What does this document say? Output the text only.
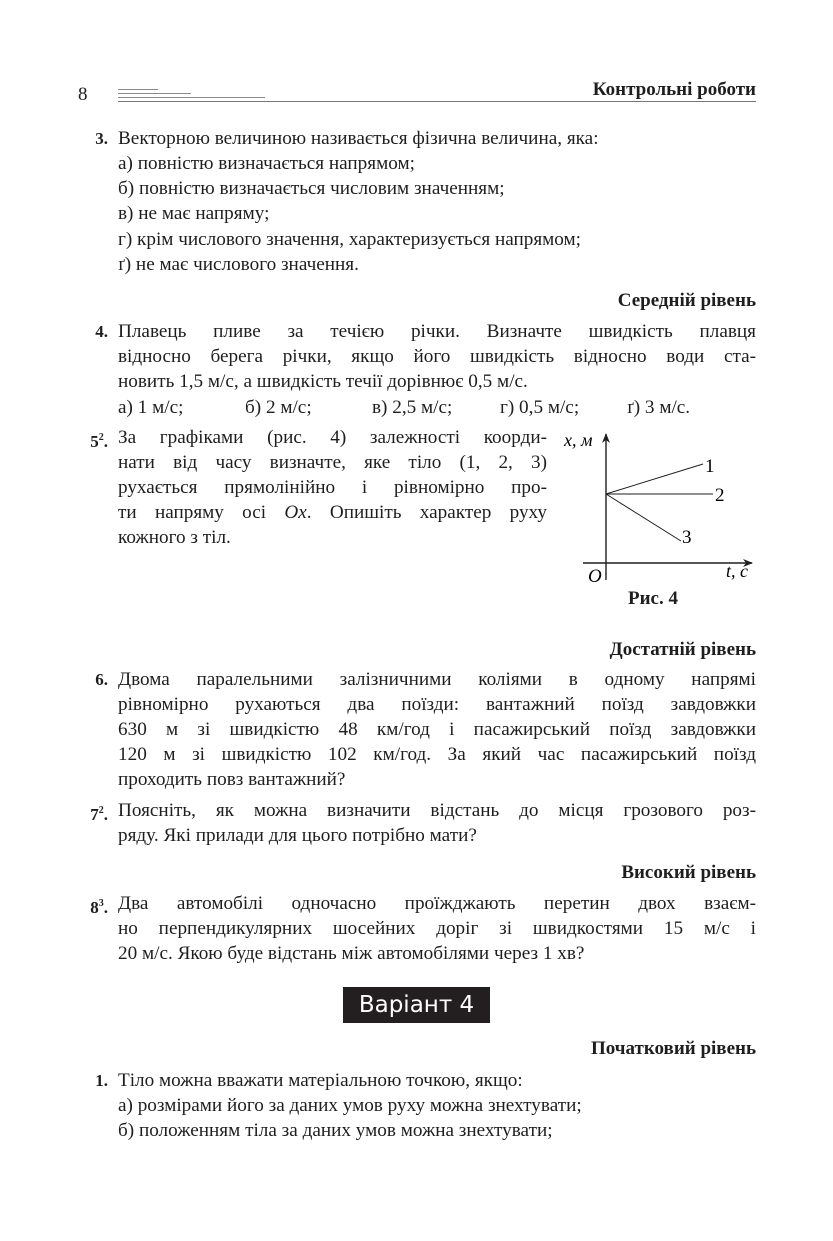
8	Контрольні роботи
3. Векторною величиною називається фізична величина, яка:
а) повністю визначається напрямом;
б) повністю визначається числовим значенням;
в) не має напряму;
г) крім числового значення, характеризується напрямом;
ґ) не має числового значення.
Середній рівень
4. Плавець пливе за течією річки. Визначте швидкість плавця
відносно берега річки, якщо його швидкість відносно води ста-
новить 1,5 м/с, а швидкість течії дорівнює 0,5 м/с.
а) 1 м/с;	б) 2 м/с;	в) 2,5 м/с; г) 0,5 м/с; ґ) 3 м/с.
$5^2$. За графіками (рис. 4) залежності коорди-
нати від часу визначте, яке тіло (1, 2, 3)
рухається прямолінійно і рівномірно про-
ти напряму осі Ox. Опишіть характер руху
кожного з тіл.
x, м
t, с
O
1
2
3
Рис. 4
Достатній рівень
6. Двома паралельними залізничними коліями в одному напрямі
рівномірно рухаються два поїзди: вантажний поїзд завдовжки
630 м зі швидкістю 48 км/год і пасажирський поїзд завдовжки
120 м зі швидкістю 102 км/год. За який час пасажирський поїзд
проходить повз вантажний?
$7^2$. Поясніть, як можна визначити відстань до місця грозового роз-
ряду. Які прилади для цього потрібно мати?
Високий рівень
$8^3$. Два автомобілі одночасно проїжджають перетин двох взаєм-
но перпендикулярних шосейних доріг зі швидкостями 15 м/с і
20 м/с. Якою буде відстань між автомобілями через 1 хв?
Варіант 4
Початковий рівень
1. Тіло можна вважати матеріальною точкою, якщо:
а) розмірами його за даних умов руху можна знехтувати;
б) положенням тіла за даних умов можна знехтувати;
